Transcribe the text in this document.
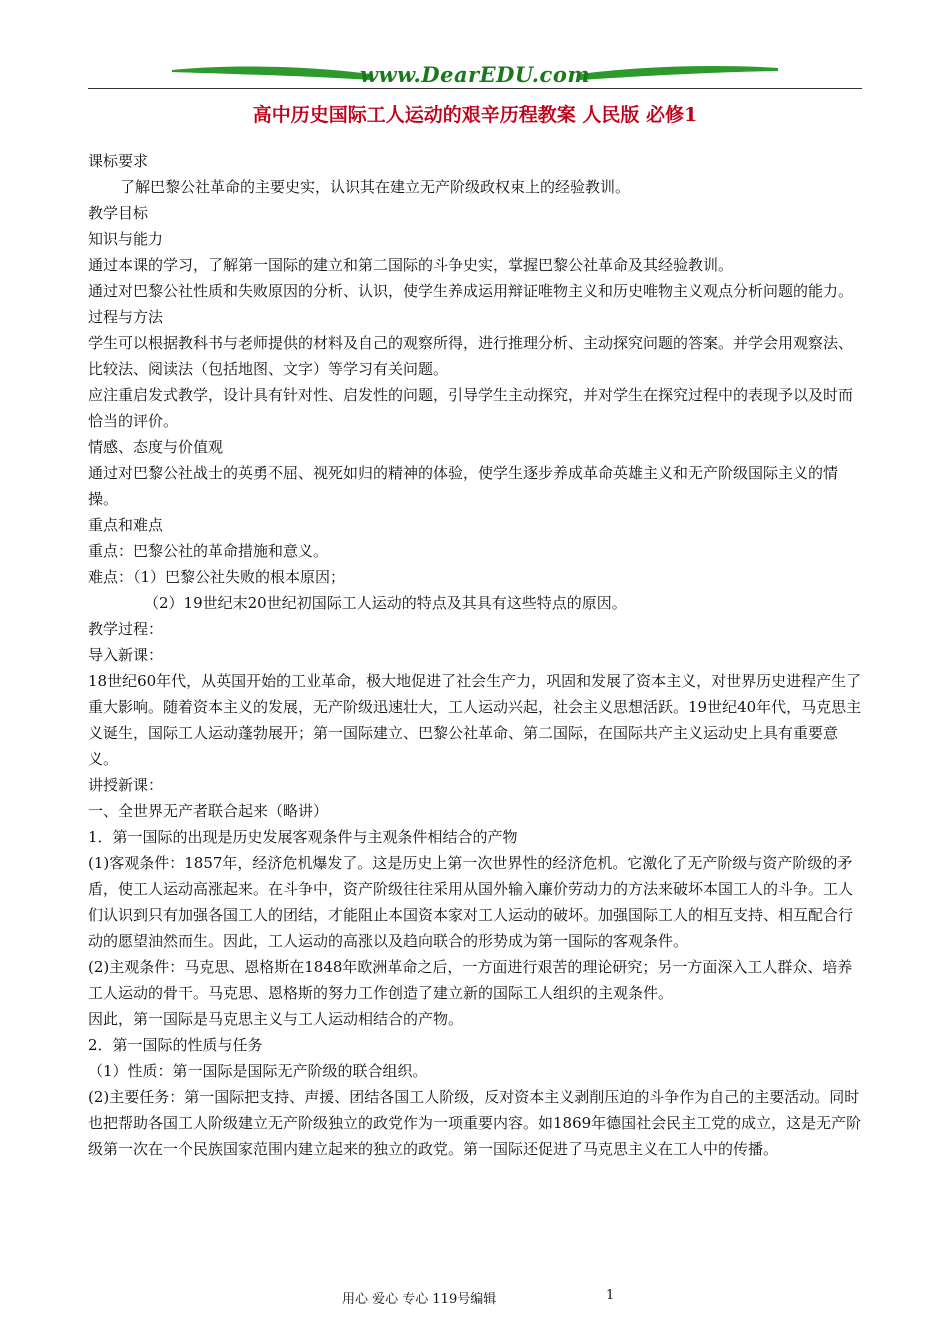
www.DearEDU.com
高中历史国际工人运动的艰辛历程教案 人民版 必修1

课标要求

了解巴黎公社革命的主要史实，认识其在建立无产阶级政权束上的经验教训。

教学目标

知识与能力

通过本课的学习，了解第一国际的建立和第二国际的斗争史实，掌握巴黎公社革命及其经验教训。

通过对巴黎公社性质和失败原因的分析、认识，使学生养成运用辩证唯物主义和历史唯物主义观点分析问题的能力。

过程与方法

学生可以根据教科书与老师提供的材料及自己的观察所得，进行推理分析、主动探究问题的答案。并学会用观察法、比较法、阅读法（包括地图、文字）等学习有关问题。

应注重启发式教学，设计具有针对性、启发性的问题，引导学生主动探究，并对学生在探究过程中的表现予以及时而恰当的评价。

情感、态度与价值观

通过对巴黎公社战士的英勇不屈、视死如归的精神的体验，使学生逐步养成革命英雄主义和无产阶级国际主义的情操。

重点和难点

重点：巴黎公社的革命措施和意义。

难点：（1）巴黎公社失败的根本原因；

（2）19世纪末20世纪初国际工人运动的特点及其具有这些特点的原因。

教学过程：

导入新课：

18世纪60年代，从英国开始的工业革命，极大地促进了社会生产力，巩固和发展了资本主义，对世界历史进程产生了重大影响。随着资本主义的发展，无产阶级迅速壮大，工人运动兴起，社会主义思想活跃。19世纪40年代，马克思主义诞生，国际工人运动蓬勃展开；第一国际建立、巴黎公社革命、第二国际，在国际共产主义运动史上具有重要意义。

讲授新课：

一、全世界无产者联合起来（略讲）

1．第一国际的出现是历史发展客观条件与主观条件相结合的产物

(1)客观条件：1857年，经济危机爆发了。这是历史上第一次世界性的经济危机。它激化了无产阶级与资产阶级的矛盾，使工人运动高涨起来。在斗争中，资产阶级往往采用从国外输入廉价劳动力的方法来破坏本国工人的斗争。工人们认识到只有加强各国工人的团结，才能阻止本国资本家对工人运动的破坏。加强国际工人的相互支持、相互配合行动的愿望油然而生。因此，工人运动的高涨以及趋向联合的形势成为第一国际的客观条件。

(2)主观条件：马克思、恩格斯在1848年欧洲革命之后，一方面进行艰苦的理论研究；另一方面深入工人群众、培养工人运动的骨干。马克思、恩格斯的努力工作创造了建立新的国际工人组织的主观条件。

因此，第一国际是马克思主义与工人运动相结合的产物。

2．第一国际的性质与任务

（1）性质：第一国际是国际无产阶级的联合组织。

(2)主要任务：第一国际把支持、声援、团结各国工人阶级，反对资本主义剥削压迫的斗争作为自己的主要活动。同时也把帮助各国工人阶级建立无产阶级独立的政党作为一项重要内容。如1869年德国社会民主工党的成立，这是无产阶级第一次在一个民族国家范围内建立起来的独立的政党。第一国际还促进了马克思主义在工人中的传播。

用心 爱心 专心 119号编辑	1
